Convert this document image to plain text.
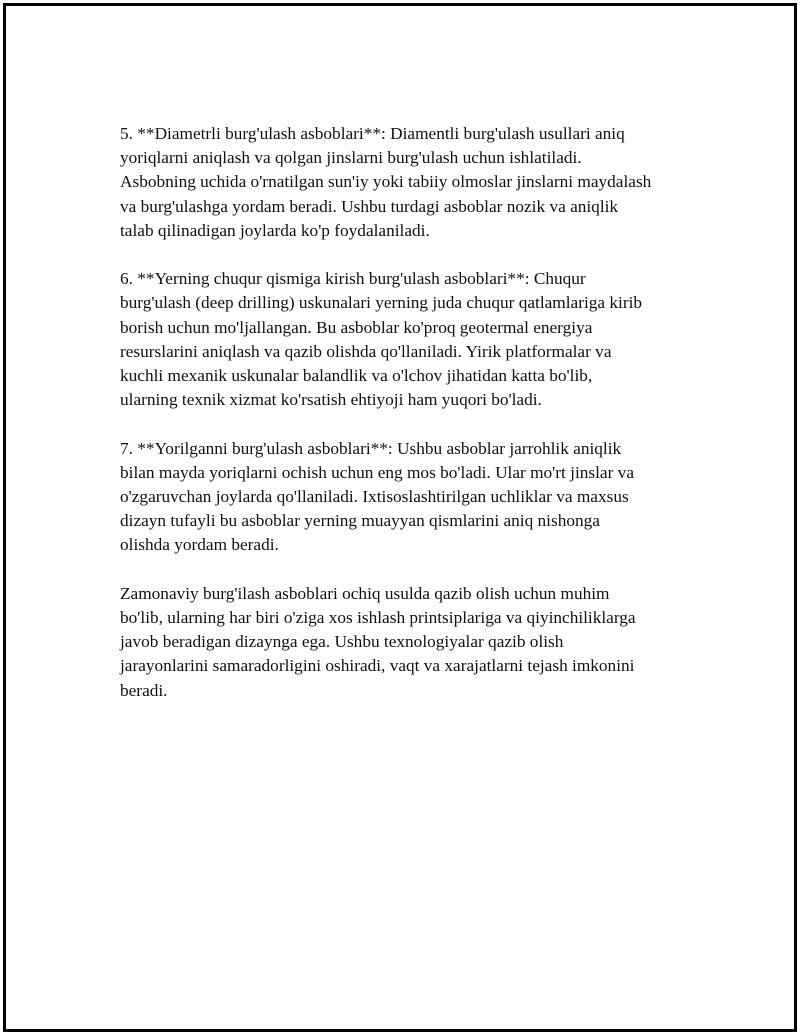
5. **Diametrli burg'ulash asboblari**: Diamentli burg'ulash usullari aniq
yoriqlarni aniqlash va qolgan jinslarni burg'ulash uchun ishlatiladi.
Asbobning uchida o'rnatilgan sun'iy yoki tabiiy olmoslar jinslarni maydalash
va burg'ulashga yordam beradi. Ushbu turdagi asboblar nozik va aniqlik
talab qilinadigan joylarda ko'p foydalaniladi.
6. **Yerning chuqur qismiga kirish burg'ulash asboblari**: Chuqur
burg'ulash (deep drilling) uskunalari yerning juda chuqur qatlamlariga kirib
borish uchun mo'ljallangan. Bu asboblar ko'proq geotermal energiya
resurslarini aniqlash va qazib olishda qo'llaniladi. Yirik platformalar va
kuchli mexanik uskunalar balandlik va o'lchov jihatidan katta bo'lib,
ularning texnik xizmat ko'rsatish ehtiyoji ham yuqori bo'ladi.
7. **Yorilganni burg'ulash asboblari**: Ushbu asboblar jarrohlik aniqlik
bilan mayda yoriqlarni ochish uchun eng mos bo'ladi. Ular mo'rt jinslar va
o'zgaruvchan joylarda qo'llaniladi. Ixtisoslashtirilgan uchliklar va maxsus
dizayn tufayli bu asboblar yerning muayyan qismlarini aniq nishonga
olishda yordam beradi.
Zamonaviy burg'ilash asboblari ochiq usulda qazib olish uchun muhim
bo'lib, ularning har biri o'ziga xos ishlash printsiplariga va qiyinchiliklarga
javob beradigan dizaynga ega. Ushbu texnologiyalar qazib olish
jarayonlarini samaradorligini oshiradi, vaqt va xarajatlarni tejash imkonini
beradi.
